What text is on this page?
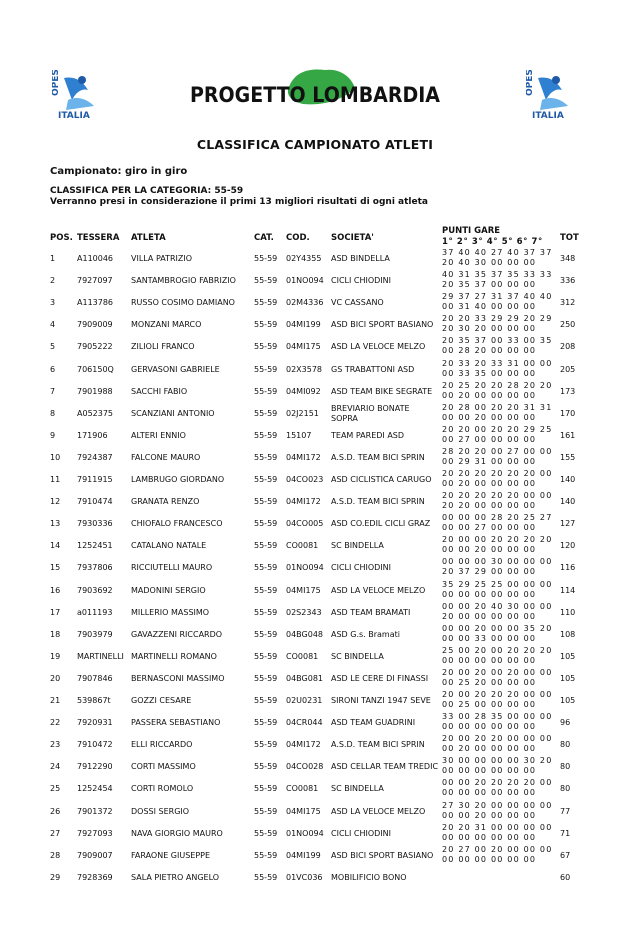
OPES
ITALIA
PROGETTO LOMBARDIA	OPES
ITALIA
CLASSIFICA CAMPIONATO ATLETI
Campionato: giro in giro
CLASSIFICA PER LA CATEGORIA: 55-59
Verranno presi in considerazione il primi 13 migliori risultati di ogni atleta
POS. TESSERA ATLETA	CAT. COD.	SOCIETA'
PUNTI GARE
1° 2° 3° 4° 5° 6° 7° TOT
1	A110046	VILLA PATRIZIO	55-59	02Y4355	ASD BINDELLA
37 40 40 27 40 37 37
20 40 30 00 00 00	348
2	7927097	SANTAMBROGIO FABRIZIO	55-59	01NO094 CICLI CHIODINI
40 31 35 37 35 33 33
20 35 37 00 00 00	336
3	A113786	RUSSO COSIMO DAMIANO	55-59	02M4336 VC CASSANO
29 37 27 31 37 40 40
00 31 40 00 00 00	312
4	7909009	MONZANI MARCO	55-59	04MI199	ASD BICI SPORT BASIANO
20 20 33 29 29 20 29
20 30 20 00 00 00	250
5	7905222	ZILIOLI FRANCO	55-59	04MI175	ASD LA VELOCE MELZO
20 35 37 00 33 00 35
00 28 20 00 00 00	208
6	706150Q	GERVASONI GABRIELE	55-59	02X3578	GS TRABATTONI ASD
20 33 20 33 31 00 00
00 33 35 00 00 00	205
7	7901988	SACCHI FABIO	55-59	04MI092	ASD TEAM BIKE SEGRATE
20 25 20 20 28 20 20
00 20 00 00 00 00	173
8	A052375	SCANZIANI ANTONIO	55-59	02J2151
BREVIARIO BONATE SOPRA
20 28 00 20 20 31 31
00 00 20 00 00 00	170
9	171906	ALTERI ENNIO	55-59	15107	TEAM PAREDI ASD
20 20 00 20 20 29 25
00 27 00 00 00 00	161
10	7924387	FALCONE MAURO	55-59	04MI172	A.S.D. TEAM BICI SPRIN
28 20 20 00 27 00 00
00 29 31 00 00 00	155
11	7911915	LAMBRUGO GIORDANO	55-59	04CO023 ASD CICLISTICA CARUGO
20 20 20 20 20 20 00
00 20 00 00 00 00	140
12	7910474	GRANATA RENZO	55-59	04MI172	A.S.D. TEAM BICI SPRIN
20 20 20 20 20 00 00
20 20 00 00 00 00	140
13	7930336	CHIOFALO FRANCESCO	55-59	04CO005 ASD CO.EDIL CICLI GRAZ
00 00 00 28 20 25 27
00 00 27 00 00 00	127
14	1252451	CATALANO NATALE	55-59	CO0081	SC BINDELLA
20 00 00 20 20 20 20
00 00 20 00 00 00	120
15	7937806	RICCIUTELLI MAURO	55-59	01NO094 CICLI CHIODINI
00 00 00 30 00 00 00
20 37 29 00 00 00	116
16	7903692	MADONINI SERGIO	55-59	04MI175	ASD LA VELOCE MELZO
35 29 25 25 00 00 00
00 00 00 00 00 00	114
17	a011193	MILLERIO MASSIMO	55-59	02S2343	ASD TEAM BRAMATI
00 00 20 40 30 00 00
20 00 00 00 00 00	110
18	7903979	GAVAZZENI RICCARDO	55-59	04BG048	ASD G.s. Bramati
00 00 20 00 00 35 20
00 00 33 00 00 00	108
19	MARTINELLI MARTINELLI ROMANO	55-59	CO0081	SC BINDELLA
25 00 20 00 20 20 20
00 00 00 00 00 00	105
20	7907846	BERNASCONI MASSIMO	55-59	04BG081	ASD LE CERE DI FINASSI
20 00 20 00 20 00 00
00 25 20 00 00 00	105
21	539867t	GOZZI CESARE	55-59	02U0231	SIRONI TANZI 1947 SEVE
20 00 20 20 20 00 00
00 25 00 00 00 00	105
22	7920931	PASSERA SEBASTIANO	55-59	04CR044	ASD TEAM GUADRINI
33 00 28 35 00 00 00
00 00 00 00 00 00	96
23	7910472	ELLI RICCARDO	55-59	04MI172	A.S.D. TEAM BICI SPRIN
20 00 20 20 00 00 00
00 20 00 00 00 00	80
24	7912290	CORTI MASSIMO	55-59	04CO028 ASD CELLAR TEAM TREDIC
30 00 00 00 00 30 20
00 00 00 00 00 00	80
25	1252454	CORTI ROMOLO	55-59	CO0081	SC BINDELLA
00 00 20 20 20 20 00
00 00 00 00 00 00	80
26	7901372	DOSSI SERGIO	55-59	04MI175	ASD LA VELOCE MELZO
27 30 20 00 00 00 00
00 00 20 00 00 00	77
27	7927093	NAVA GIORGIO MAURO	55-59	01NO094 CICLI CHIODINI
20 20 31 00 00 00 00
00 00 00 00 00 00	71
28	7909007	FARAONE GIUSEPPE	55-59	04MI199	ASD BICI SPORT BASIANO
20 27 00 20 00 00 00
00 00 00 00 00 00	67
29	7928369	SALA PIETRO ANGELO	55-59	01VC036	MOBILIFICIO BONO	60
